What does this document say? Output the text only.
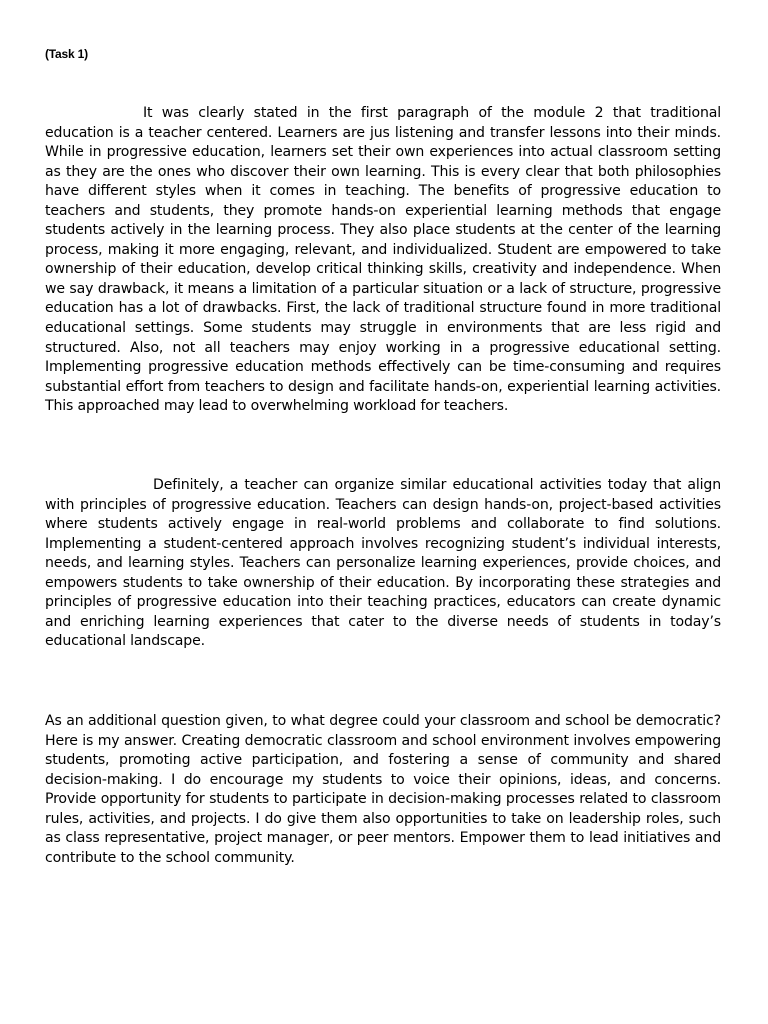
(Task 1)

It was clearly stated in the first paragraph of the module 2 that traditional education is a teacher centered. Learners are jus listening and transfer lessons into their minds. While in progressive education, learners set their own experiences into actual classroom setting as they are the ones who discover their own learning. This is every clear that both philosophies have different styles when it comes in teaching. The benefits of progressive education to teachers and students, they promote hands-on experiential learning methods that engage students actively in the learning process. They also place students at the center of the learning process, making it more engaging, relevant, and individualized. Student are empowered to take ownership of their education, develop critical thinking skills, creativity and independence. When we say drawback, it means a limitation of a particular situation or a lack of structure, progressive education has a lot of drawbacks. First, the lack of traditional structure found in more traditional educational settings. Some students may struggle in environments that are less rigid and structured. Also, not all teachers may enjoy working in a progressive educational setting. Implementing progressive education methods effectively can be time-consuming and requires substantial effort from teachers to design and facilitate hands-on, experiential learning activities. This approached may lead to overwhelming workload for teachers.

Definitely, a teacher can organize similar educational activities today that align with principles of progressive education. Teachers can design hands-on, project-based activities where students actively engage in real-world problems and collaborate to find solutions. Implementing a student-centered approach involves recognizing student’s individual interests, needs, and learning styles. Teachers can personalize learning experiences, provide choices, and empowers students to take ownership of their education. By incorporating these strategies and principles of progressive education into their teaching practices, educators can create dynamic and enriching learning experiences that cater to the diverse needs of students in today’s educational landscape.

As an additional question given, to what degree could your classroom and school be democratic? Here is my answer. Creating democratic classroom and school environment involves empowering students, promoting active participation, and fostering a sense of community and shared decision-making. I do encourage my students to voice their opinions, ideas, and concerns. Provide opportunity for students to participate in decision-making processes related to classroom rules, activities, and projects. I do give them also opportunities to take on leadership roles, such as class representative, project manager, or peer mentors. Empower them to lead initiatives and contribute to the school community.
